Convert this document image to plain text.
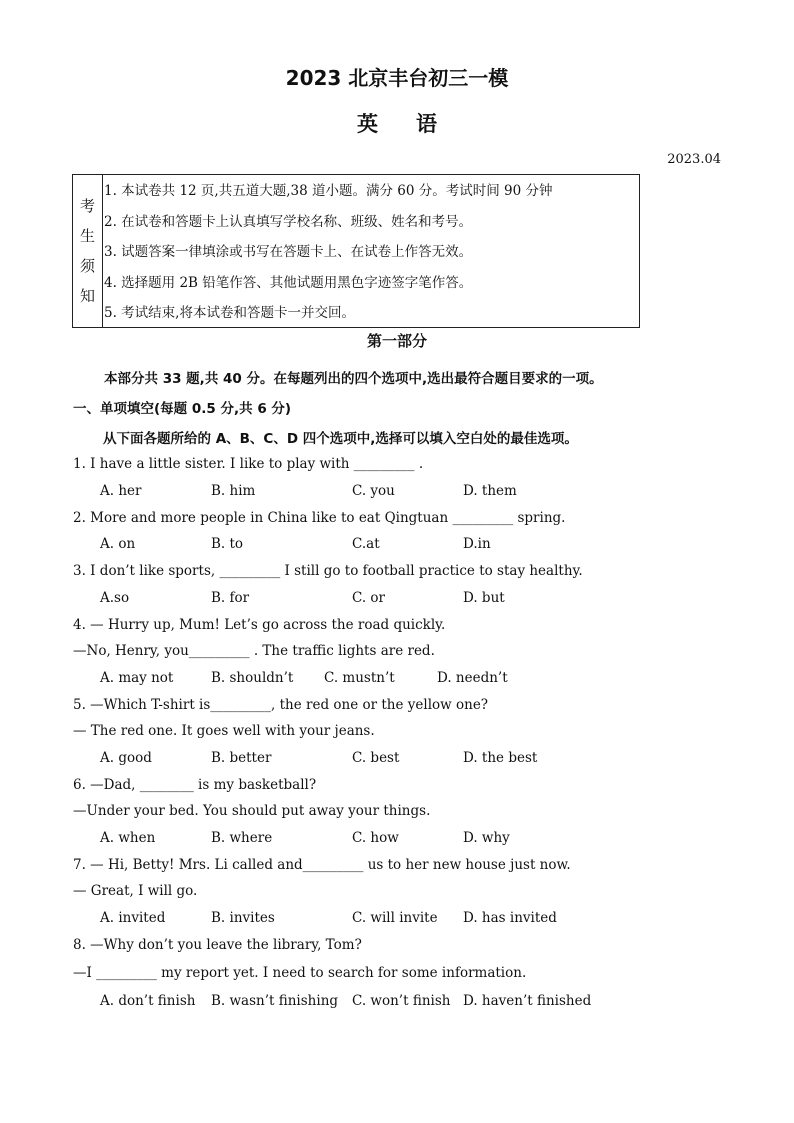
2023 北京丰台初三一模
英语
2023.04
考生须知
1. 本试卷共 12 页,共五道大题,38 道小题。满分 60 分。考试时间 90 分钟
2. 在试卷和答题卡上认真填写学校名称、班级、姓名和考号。
3. 试题答案一律填涂或书写在答题卡上、在试卷上作答无效。
4. 选择题用 2B 铅笔作答、其他试题用黑色字迹签字笔作答。
5. 考试结束,将本试卷和答题卡一并交回。
第一部分
本部分共 33 题,共 40 分。在每题列出的四个选项中,选出最符合题目要求的一项。
一、单项填空(每题 0.5 分,共 6 分)
从下面各题所给的 A、B、C、D 四个选项中,选择可以填入空白处的最佳选项。
1. I have a little sister. I like to play with _________ .
A. her	B. him	C. you	D. them
2. More and more people in China like to eat Qingtuan _________ spring.
A. on	B. to	C.at	D.in
3. I don’t like sports, _________ I still go to football practice to stay healthy.
A.so	B. for	C. or	D. but
4. — Hurry up, Mum! Let’s go across the road quickly.
—No, Henry, you_________ . The traffic lights are red.
A. may not	B. shouldn’t C. mustn’t	D. needn’t
5. —Which T-shirt is_________, the red one or the yellow one?
— The red one. It goes well with your jeans.
A. good	B. better	C. best	D. the best
6. —Dad, ________ is my basketball?
—Under your bed. You should put away your things.
A. when	B. where	C. how	D. why
7. — Hi, Betty! Mrs. Li called and_________ us to her new house just now.
— Great, I will go.
A. invited	B. invites	C. will invite D. has invited
8. —Why don’t you leave the library, Tom?
—I _________ my report yet. I need to search for some information.
A. don’t finish B. wasn’t finishing C. won’t finish D. haven’t finished
